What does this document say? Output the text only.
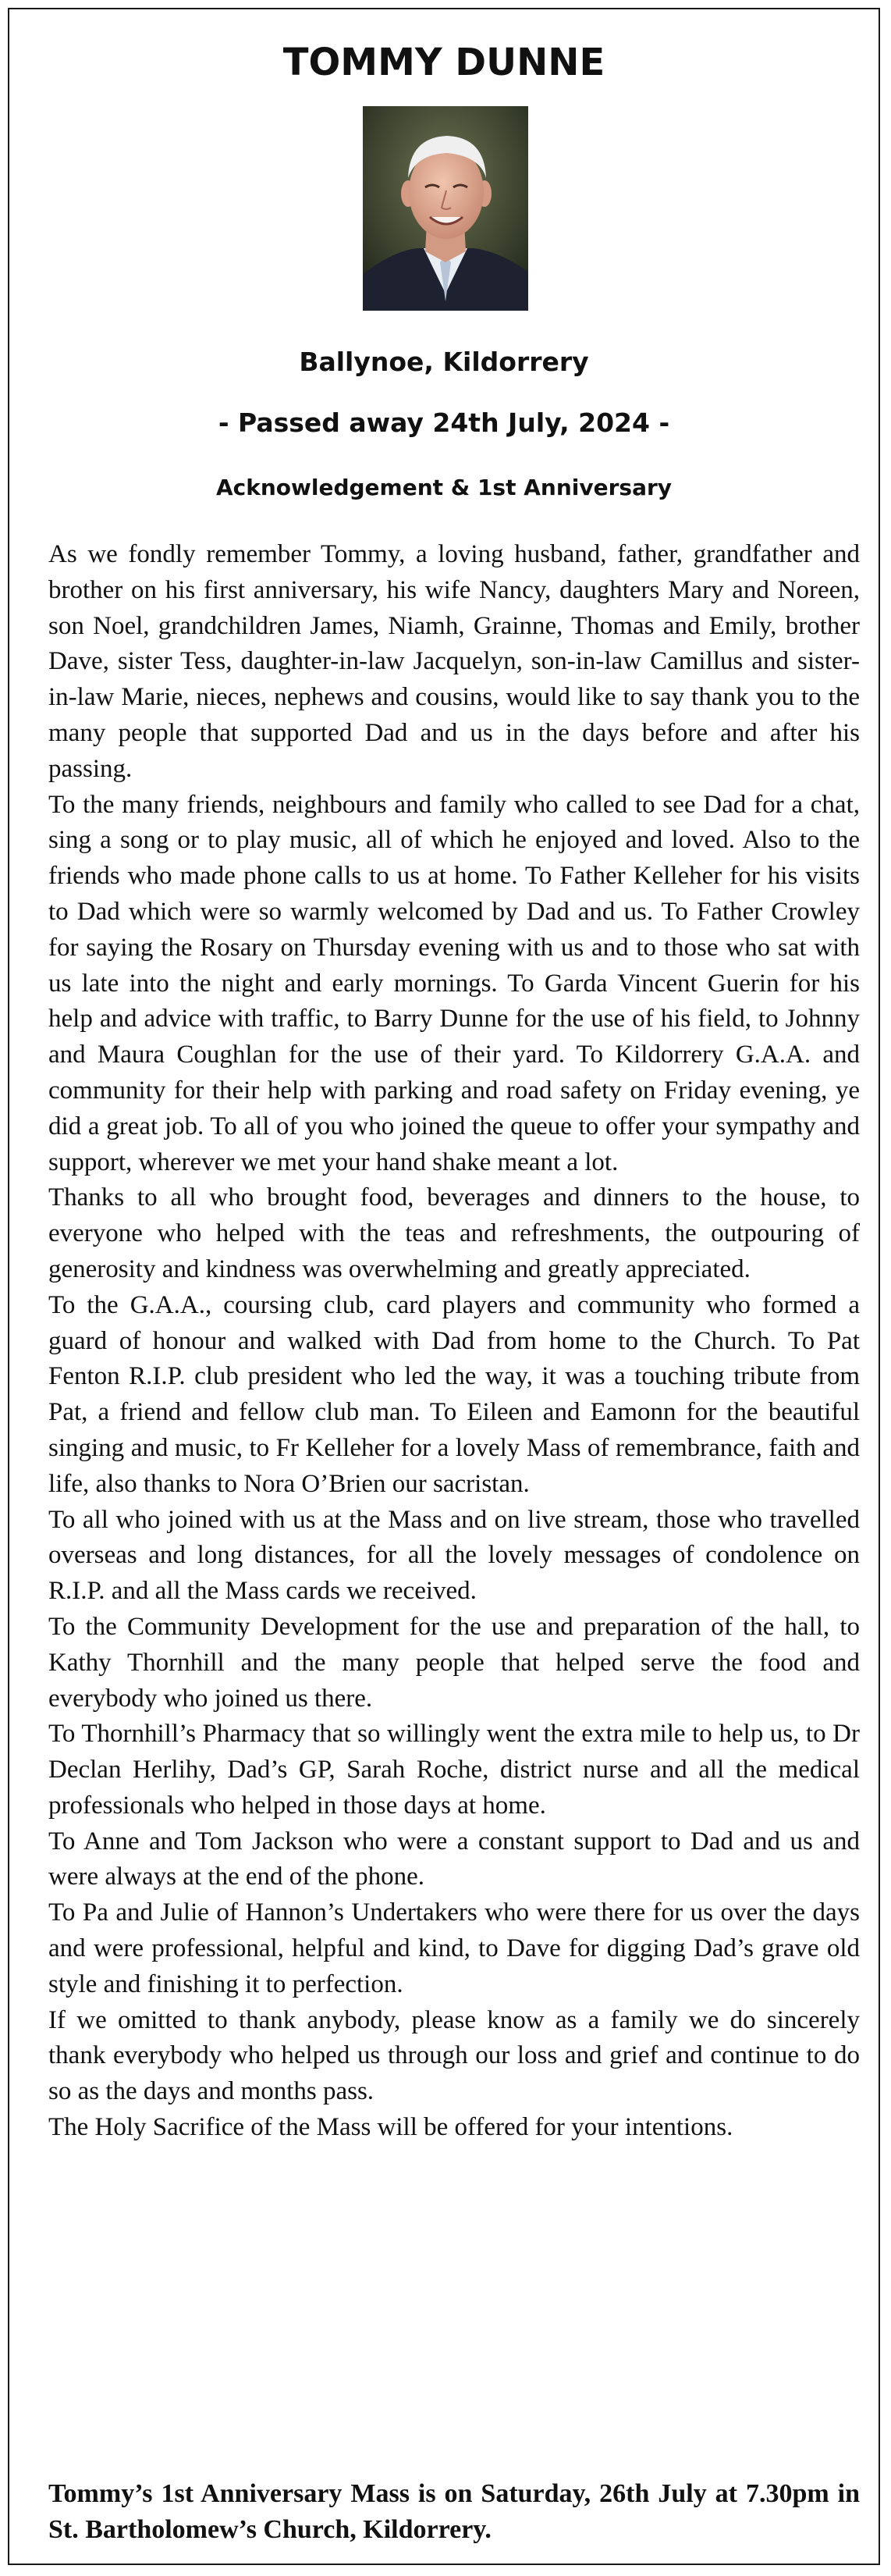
TOMMY DUNNE
Ballynoe, Kildorrery
- Passed away 24th July, 2024 -
Acknowledgement & 1st Anniversary

As we fondly remember Tommy, a loving husband, father, grandfather and brother on his first anniversary, his wife Nancy, daughters Mary and Noreen, son Noel, grandchildren James, Niamh, Grainne, Thomas and Emily, brother Dave, sister Tess, daughter-in-law Jacquelyn, son-in-law Camillus and sister-in-law Marie, nieces, nephews and cousins, would like to say thank you to the many people that supported Dad and us in the days before and after his passing.

To the many friends, neighbours and family who called to see Dad for a chat, sing a song or to play music, all of which he enjoyed and loved. Also to the friends who made phone calls to us at home. To Father Kelleher for his visits to Dad which were so warmly welcomed by Dad and us. To Father Crowley for saying the Rosary on Thursday evening with us and to those who sat with us late into the night and early mornings. To Garda Vincent Guerin for his help and advice with traffic, to Barry Dunne for the use of his field, to Johnny and Maura Coughlan for the use of their yard. To Kildorrery G.A.A. and community for their help with parking and road safety on Friday evening, ye did a great job. To all of you who joined the queue to offer your sympathy and support, wherever we met your hand shake meant a lot.

Thanks to all who brought food, beverages and dinners to the house, to everyone who helped with the teas and refreshments, the outpouring of generosity and kindness was overwhelming and greatly appreciated.

To the G.A.A., coursing club, card players and community who formed a guard of honour and walked with Dad from home to the Church. To Pat Fenton R.I.P. club president who led the way, it was a touching tribute from Pat, a friend and fellow club man. To Eileen and Eamonn for the beautiful singing and music, to Fr Kelleher for a lovely Mass of remembrance, faith and life, also thanks to Nora O’Brien our sacristan.

To all who joined with us at the Mass and on live stream, those who travelled overseas and long distances, for all the lovely messages of condolence on R.I.P. and all the Mass cards we received.

To the Community Development for the use and preparation of the hall, to Kathy Thornhill and the many people that helped serve the food and everybody who joined us there.

To Thornhill’s Pharmacy that so willingly went the extra mile to help us, to Dr Declan Herlihy, Dad’s GP, Sarah Roche, district nurse and all the medical professionals who helped in those days at home.

To Anne and Tom Jackson who were a constant support to Dad and us and were always at the end of the phone.

To Pa and Julie of Hannon’s Undertakers who were there for us over the days and were professional, helpful and kind, to Dave for digging Dad’s grave old style and finishing it to perfection.

If we omitted to thank anybody, please know as a family we do sincerely thank everybody who helped us through our loss and grief and continue to do so as the days and months pass.

The Holy Sacrifice of the Mass will be offered for your intentions.

Tommy’s 1st Anniversary Mass is on Saturday, 26th July at 7.30pm in St. Bartholomew’s Church, Kildorrery.
